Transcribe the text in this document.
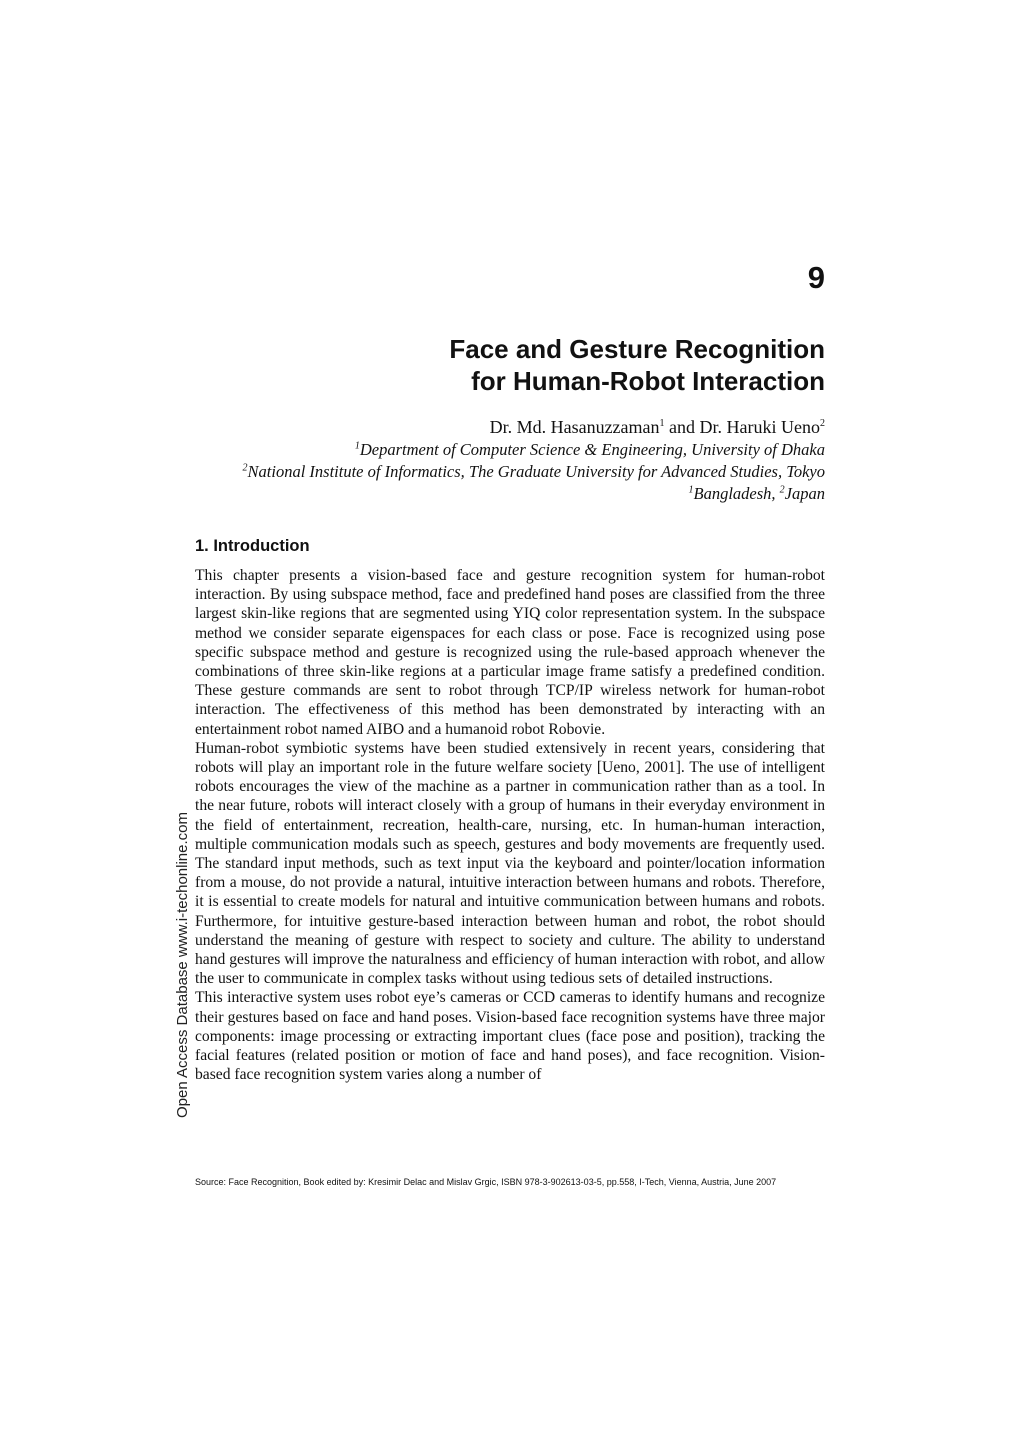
9
Face and Gesture Recognition
for Human-Robot Interaction
Dr. Md. Hasanuzzaman$^1$ and Dr. Haruki Ueno$^2$
$^1$Department of Computer Science & Engineering, University of Dhaka
$^2$National Institute of Informatics, The Graduate University for Advanced Studies, Tokyo
$^1$Bangladesh, $^2$Japan
1. Introduction

This chapter presents a vision-based face and gesture recognition system for human-robot interaction. By using subspace method, face and predefined hand poses are classified from the three largest skin-like regions that are segmented using YIQ color representation system. In the subspace method we consider separate eigenspaces for each class or pose. Face is recognized using pose specific subspace method and gesture is recognized using the rule-based approach whenever the combinations of three skin-like regions at a particular image frame satisfy a predefined condition. These gesture commands are sent to robot through TCP/IP wireless network for human-robot interaction. The effectiveness of this method has been demonstrated by interacting with an entertainment robot named AIBO and a humanoid robot Robovie.

Human-robot symbiotic systems have been studied extensively in recent years, considering that robots will play an important role in the future welfare society [Ueno, 2001]. The use of intelligent robots encourages the view of the machine as a partner in communication rather than as a tool. In the near future, robots will interact closely with a group of humans in their everyday environment in the field of entertainment, recreation, health-care, nursing, etc. In human-human interaction, multiple communication modals such as speech, gestures and body movements are frequently used. The standard input methods, such as text input via the keyboard and pointer/location information from a mouse, do not provide a natural, intuitive interaction between humans and robots. Therefore, it is essential to create models for natural and intuitive communication between humans and robots. Furthermore, for intuitive gesture-based interaction between human and robot, the robot should understand the meaning of gesture with respect to society and culture. The ability to understand hand gestures will improve the naturalness and efficiency of human interaction with robot, and allow the user to communicate in complex tasks without using tedious sets of detailed instructions.

This interactive system uses robot eye’s cameras or CCD cameras to identify humans and recognize their gestures based on face and hand poses. Vision-based face recognition systems have three major components: image processing or extracting important clues (face pose and position), tracking the facial features (related position or motion of face and hand poses), and face recognition. Vision-based face recognition system varies along a number of

Open Access Database www.i-techonline.com
Source: Face Recognition, Book edited by: Kresimir Delac and Mislav Grgic, ISBN 978-3-902613-03-5, pp.558, I-Tech, Vienna, Austria, June 2007
